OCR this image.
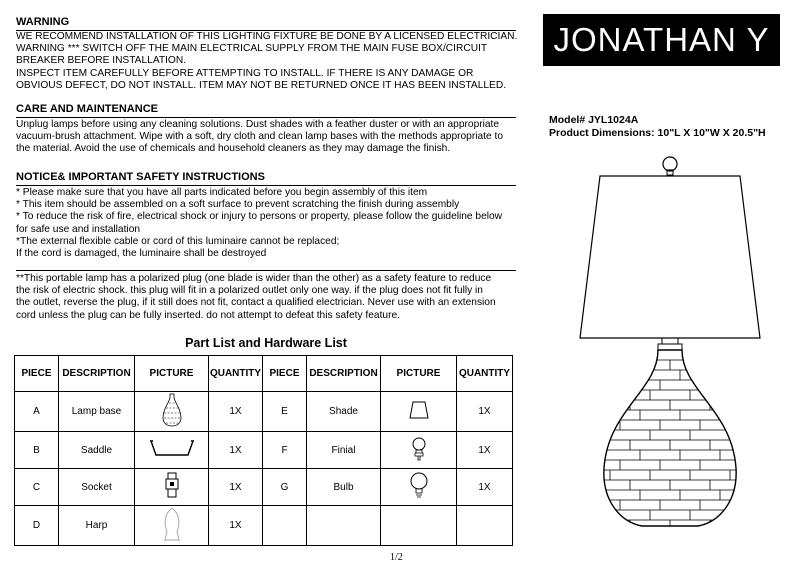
WARNING
WE RECOMMEND INSTALLATION OF THIS LIGHTING FIXTURE BE DONE BY A LICENSED ELECTRICIAN.
WARNING *** SWITCH OFF THE MAIN ELECTRICAL SUPPLY FROM THE MAIN FUSE BOX/CIRCUIT
BREAKER BEFORE INSTALLATION.
INSPECT ITEM CAREFULLY BEFORE ATTEMPTING TO INSTALL. IF THERE IS ANY DAMAGE OR
OBVIOUS DEFECT, DO NOT INSTALL. ITEM MAY NOT BE RETURNED ONCE IT HAS BEEN INSTALLED.
CARE AND MAINTENANCE
Unplug lamps before using any cleaning solutions. Dust shades with a feather duster or with an appropriate
vacuum-brush attachment. Wipe with a soft, dry cloth and clean lamp bases with the methods appropriate to
the material. Avoid the use of chemicals and household cleaners as they may damage the finish.
NOTICE& IMPORTANT SAFETY INSTRUCTIONS
* Please make sure that you have all parts indicated before you begin assembly of this item
* This item should be assembled on a soft surface to prevent scratching the finish during assembly
* To reduce the risk of fire, electrical shock or injury to persons or property, please follow the guideline below
for safe use and installation
*The external flexible cable or cord of this luminaire cannot be replaced;
If the cord is damaged, the luminaire shall be destroyed
**This portable lamp has a polarized plug (one blade is wider than the other) as a safety feature to reduce
the risk of electric shock. this plug will fit in a polarized outlet only one way. if the plug does not fit fully in
the outlet, reverse the plug, if it still does not fit, contact a qualified electrician. Never use with an extension
cord unless the plug can be fully inserted. do not attempt to defeat this safety feature.
JONATHAN Y
Model# JYL1024A
Product Dimensions: 10"L X 10"W X 20.5"H
Part List and Hardware List
PIECE	DESCRIPTION	PICTURE	QUANTITY	PIECE	DESCRIPTION	PICTURE	QUANTITY
A	Lamp base		1X	E	Shade		1X
B	Saddle		1X	F	Finial		1X
C	Socket		1X	G	Bulb		1X
D	Harp		1X				
1/2
